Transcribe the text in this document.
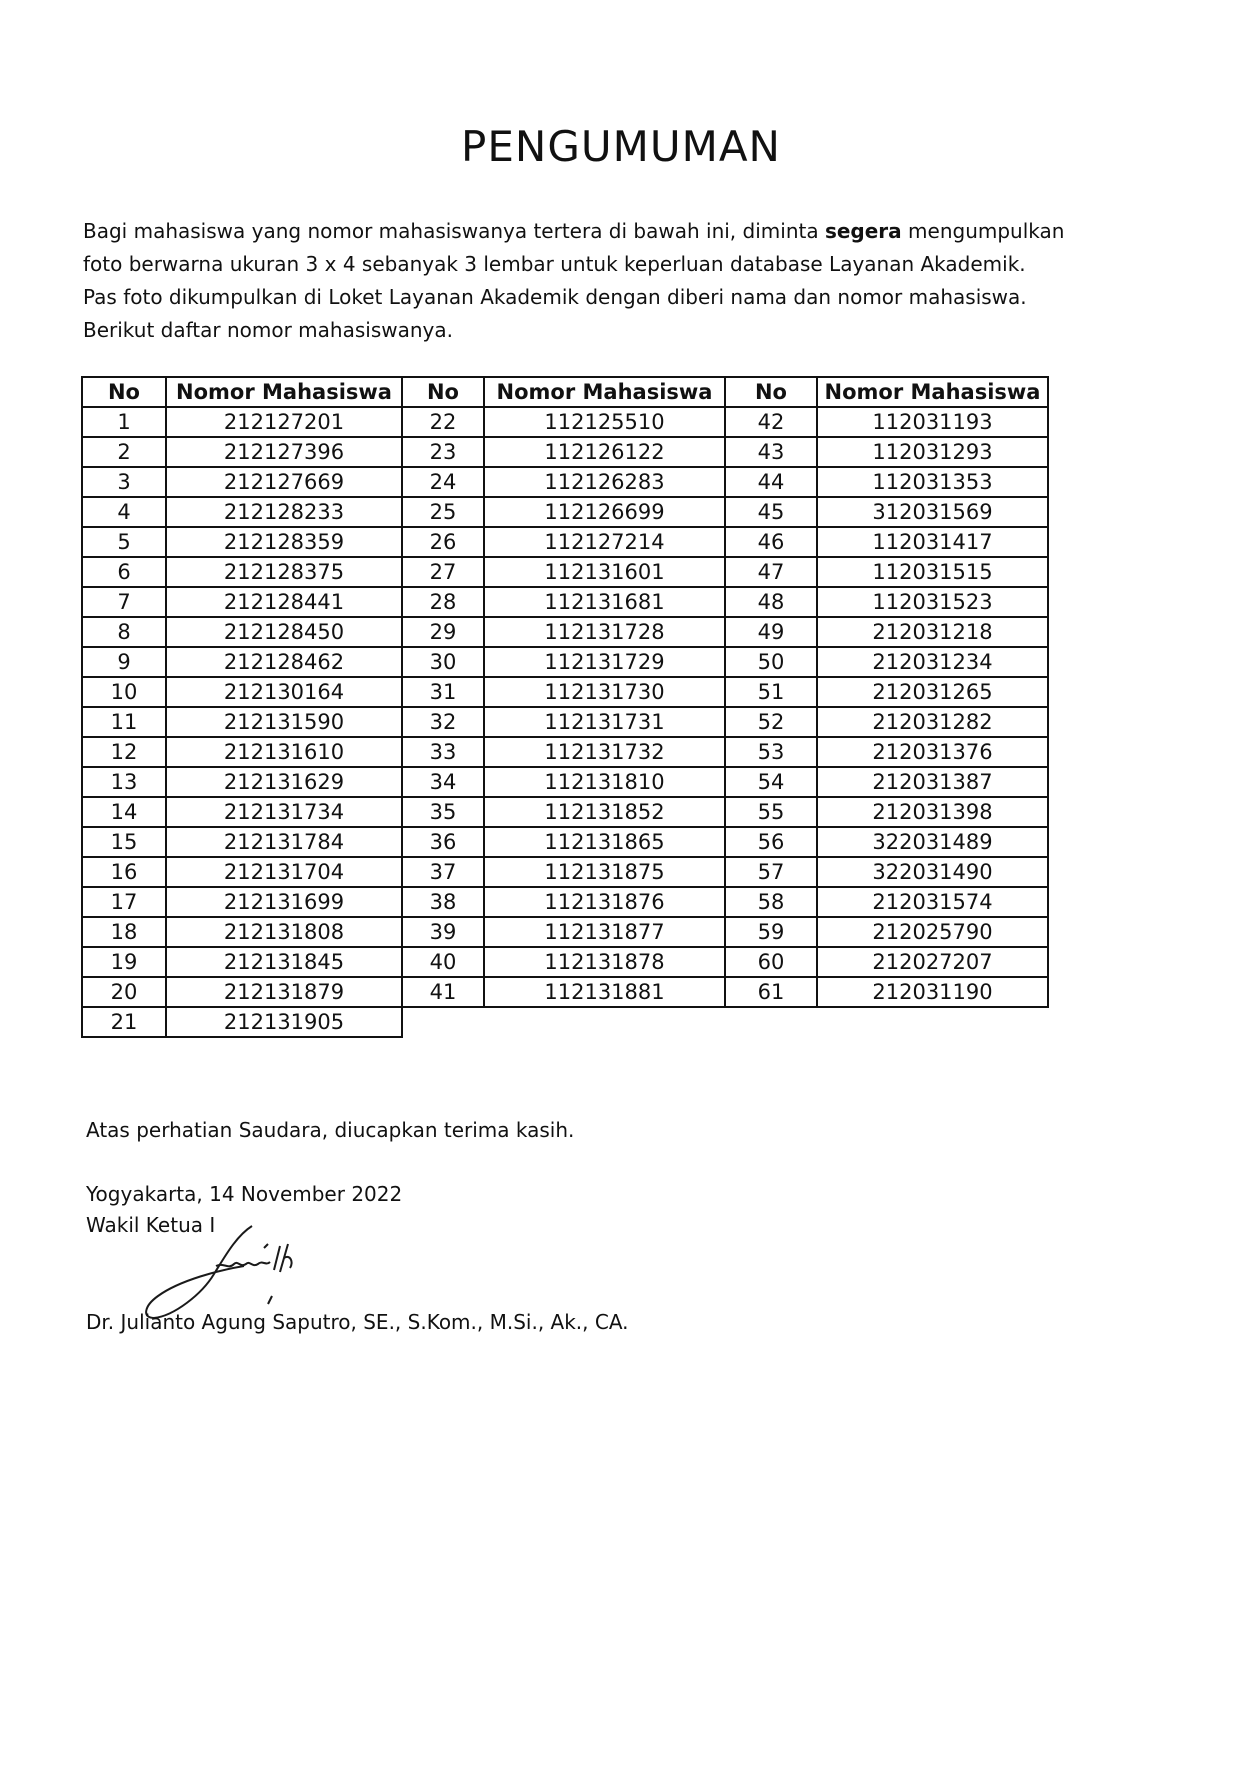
PENGUMUMAN

Bagi mahasiswa yang nomor mahasiswanya tertera di bawah ini, diminta segera mengumpulkan

foto berwarna ukuran 3 x 4 sebanyak 3 lembar untuk keperluan database Layanan Akademik.

Pas foto dikumpulkan di Loket Layanan Akademik dengan diberi nama dan nomor mahasiswa.

Berikut daftar nomor mahasiswanya.

No	Nomor Mahasiswa
1	212127201
2	212127396
3	212127669
4	212128233
5	212128359
6	212128375
7	212128441
8	212128450
9	212128462
10	212130164
11	212131590
12	212131610
13	212131629
14	212131734
15	212131784
16	212131704
17	212131699
18	212131808
19	212131845
20	212131879
21	212131905
No	Nomor Mahasiswa
22	112125510
23	112126122
24	112126283
25	112126699
26	112127214
27	112131601
28	112131681
29	112131728
30	112131729
31	112131730
32	112131731
33	112131732
34	112131810
35	112131852
36	112131865
37	112131875
38	112131876
39	112131877
40	112131878
41	112131881
No	Nomor Mahasiswa
42	112031193
43	112031293
44	112031353
45	312031569
46	112031417
47	112031515
48	112031523
49	212031218
50	212031234
51	212031265
52	212031282
53	212031376
54	212031387
55	212031398
56	322031489
57	322031490
58	212031574
59	212025790
60	212027207
61	212031190
Atas perhatian Saudara, diucapkan terima kasih.
Yogyakarta, 14 November 2022
Wakil Ketua I
Dr. Julianto Agung Saputro, SE., S.Kom., M.Si., Ak., CA.
